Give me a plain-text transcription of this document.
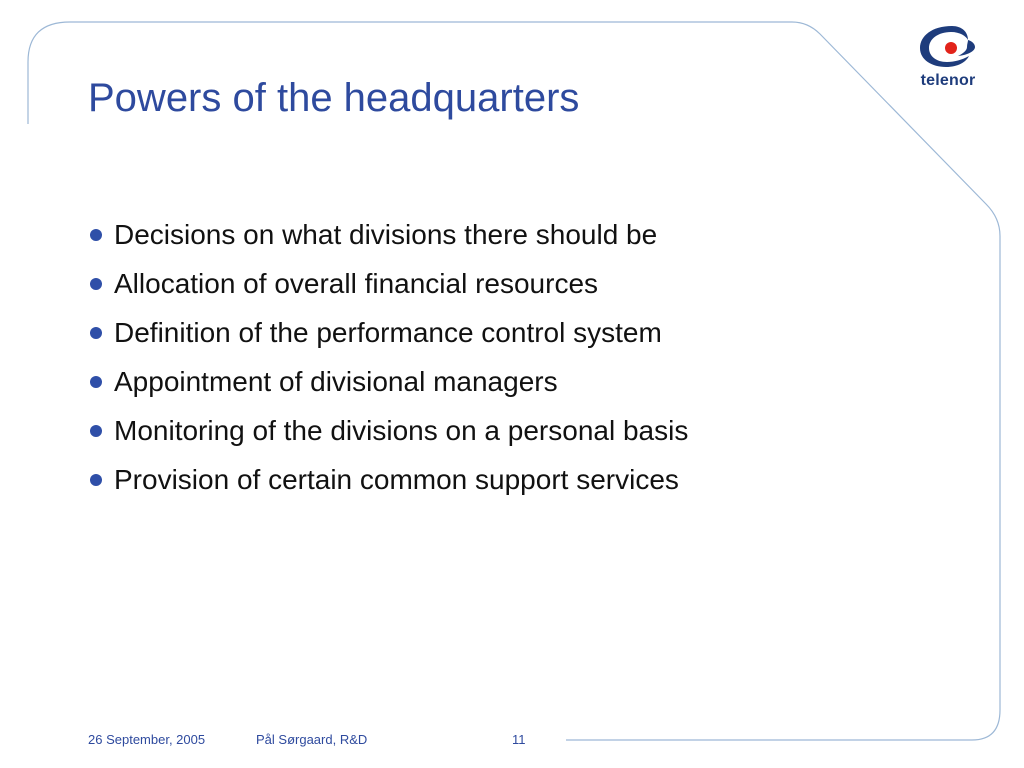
telenor
Powers of the headquarters
Decisions on what divisions there should be
Allocation of overall financial resources
Definition of the performance control system
Appointment of divisional managers
Monitoring of the divisions on a personal basis
Provision of certain common support services
26 September, 2005	Pål Sørgaard, R&D	11
